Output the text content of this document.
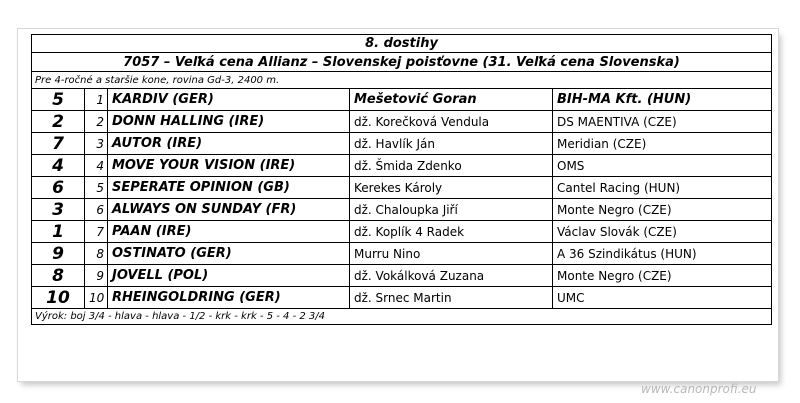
8. dostihy				
7057 – Veľká cena Allianz – Slovenskej poisťovne (31. Veľká cena Slovenska)				
Pre 4-ročné a staršie kone, rovina Gd-3, 2400 m.				
5	1	KARDIV (GER)	Mešetović Goran	BIH-MA Kft. (HUN)
2	2	DONN HALLING (IRE)	dž. Korečková Vendula	DS MAENTIVA (CZE)
7	3	AUTOR (IRE)	dž. Havlík Ján	Meridian (CZE)
4	4	MOVE YOUR VISION (IRE)	dž. Šmida Zdenko	OMS
6	5	SEPERATE OPINION (GB)	Kerekes Károly	Cantel Racing (HUN)
3	6	ALWAYS ON SUNDAY (FR)	dž. Chaloupka Jiří	Monte Negro (CZE)
1	7	PAAN (IRE)	dž. Koplík 4 Radek	Václav Slovák (CZE)
9	8	OSTINATO (GER)	Murru Nino	A 36 Szindikátus (HUN)
8	9	JOVELL (POL)	dž. Vokálková Zuzana	Monte Negro (CZE)
10	10	RHEINGOLDRING (GER)	dž. Srnec Martin	UMC
Výrok: boj 3/4 - hlava - hlava - 1/2 - krk - krk - 5 - 4 - 2 3/4				
www.canonprofi.eu
